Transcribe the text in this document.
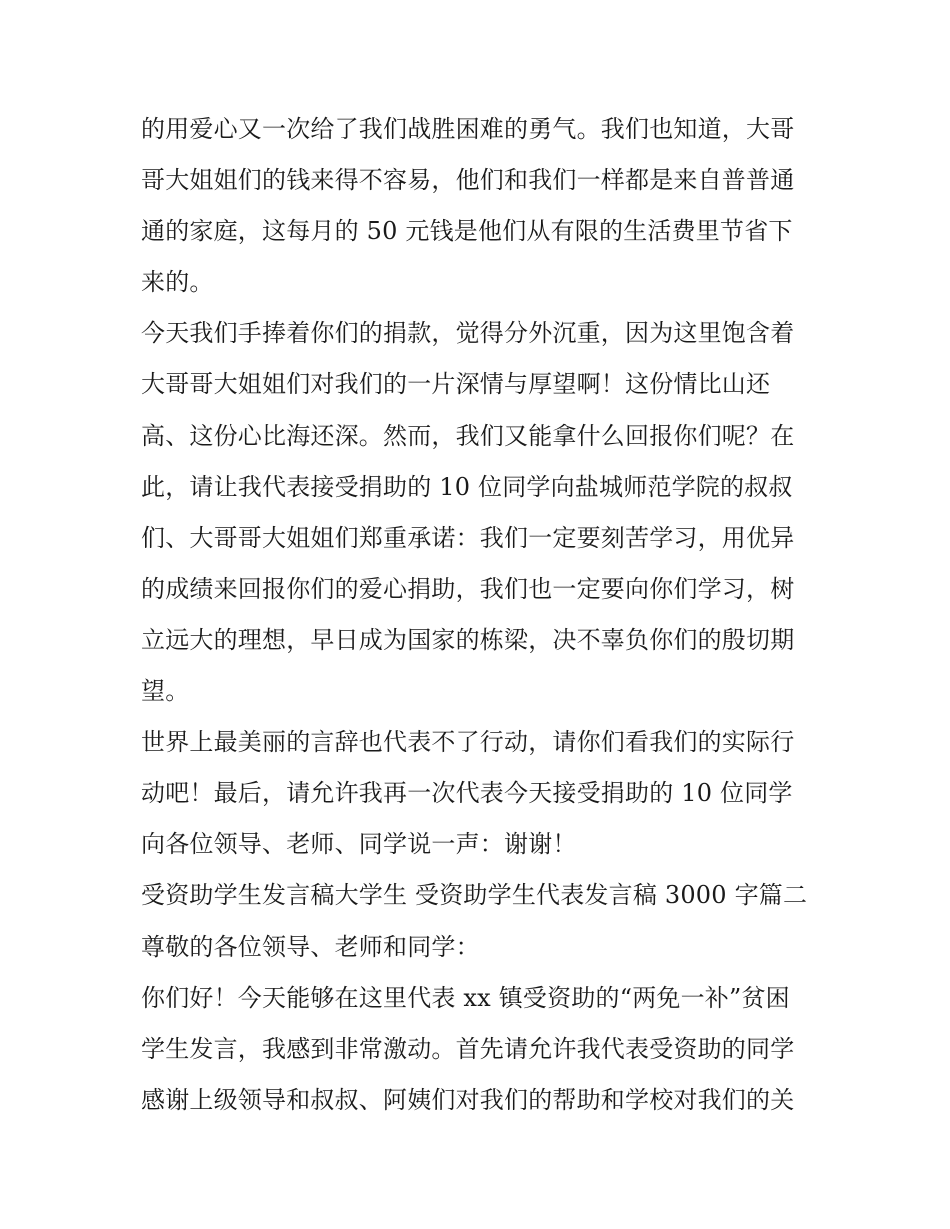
的用爱心又一次给了我们战胜困难的勇气。我们也知道，大哥
哥大姐姐们的钱来得不容易，他们和我们一样都是来自普普通
通的家庭，这每月的 50 元钱是他们从有限的生活费里节省下
来的。
今天我们手捧着你们的捐款，觉得分外沉重，因为这里饱含着
大哥哥大姐姐们对我们的一片深情与厚望啊！这份情比山还
高、这份心比海还深。然而，我们又能拿什么回报你们呢？在
此，请让我代表接受捐助的 10 位同学向盐城师范学院的叔叔
们、大哥哥大姐姐们郑重承诺：我们一定要刻苦学习，用优异
的成绩来回报你们的爱心捐助，我们也一定要向你们学习，树
立远大的理想，早日成为国家的栋梁，决不辜负你们的殷切期
望。
世界上最美丽的言辞也代表不了行动，请你们看我们的实际行
动吧！最后，请允许我再一次代表今天接受捐助的 10 位同学
向各位领导、老师、同学说一声：谢谢！
受资助学生发言稿大学生 受资助学生代表发言稿 3000 字篇二
尊敬的各位领导、老师和同学：
你们好！今天能够在这里代表 xx 镇受资助的“两免一补”贫困
学生发言，我感到非常激动。首先请允许我代表受资助的同学
感谢上级领导和叔叔、阿姨们对我们的帮助和学校对我们的关
